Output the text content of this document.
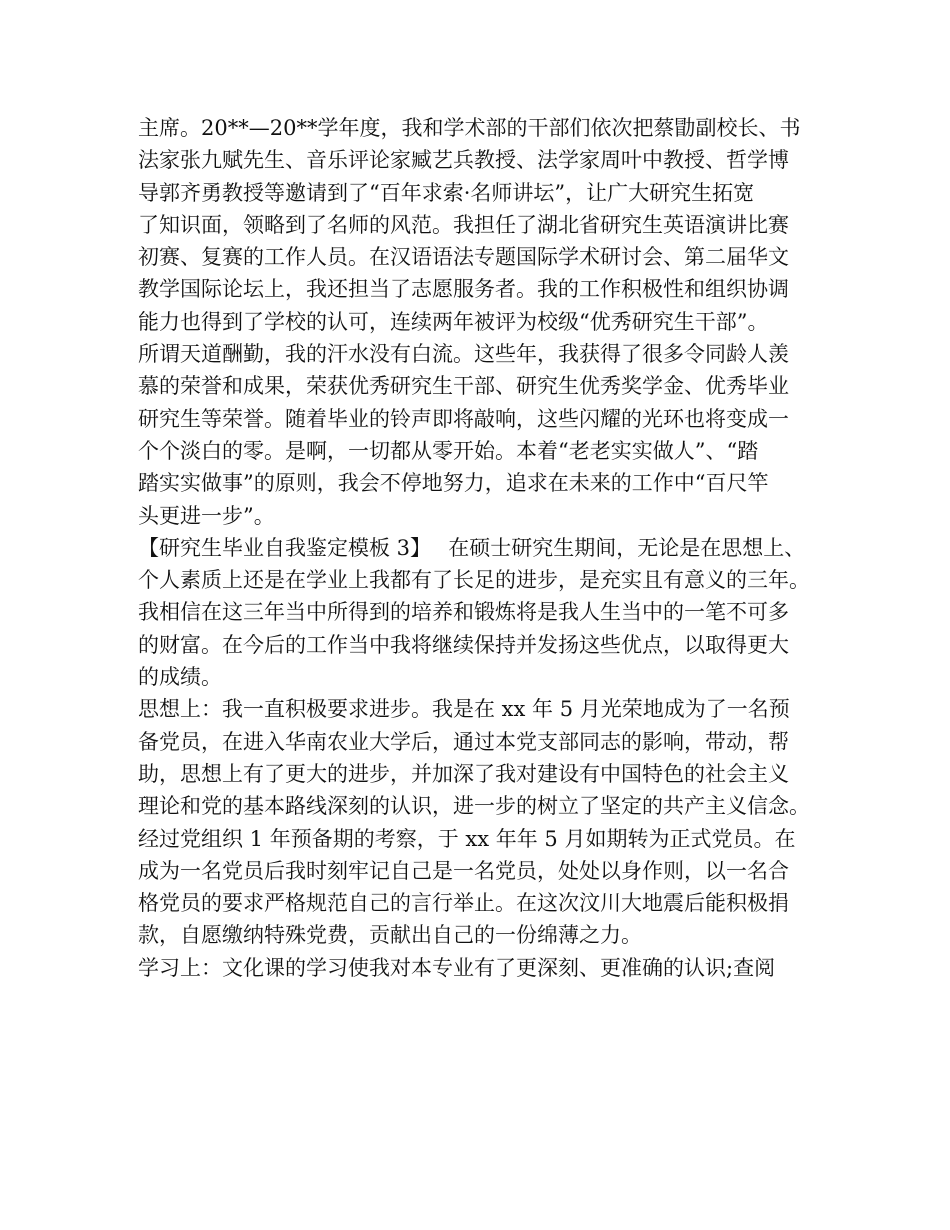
主席。20**—20**学年度，我和学术部的干部们依次把蔡勖副校长、书
法家张九赋先生、音乐评论家臧艺兵教授、法学家周叶中教授、哲学博
导郭齐勇教授等邀请到了“百年求索·名师讲坛”，让广大研究生拓宽
了知识面，领略到了名师的风范。我担任了湖北省研究生英语演讲比赛
初赛、复赛的工作人员。在汉语语法专题国际学术研讨会、第二届华文
教学国际论坛上，我还担当了志愿服务者。我的工作积极性和组织协调
能力也得到了学校的认可，连续两年被评为校级“优秀研究生干部”。
所谓天道酬勤，我的汗水没有白流。这些年，我获得了很多令同龄人羡
慕的荣誉和成果，荣获优秀研究生干部、研究生优秀奖学金、优秀毕业
研究生等荣誉。随着毕业的铃声即将敲响，这些闪耀的光环也将变成一
个个淡白的零。是啊，一切都从零开始。本着“老老实实做人”、“踏
踏实实做事”的原则，我会不停地努力，追求在未来的工作中“百尺竿
头更进一步”。
【研究生毕业自我鉴定模板 3】　 在硕士研究生期间，无论是在思想上、
个人素质上还是在学业上我都有了长足的进步，是充实且有意义的三年。
我相信在这三年当中所得到的培养和锻炼将是我人生当中的一笔不可多
的财富。在今后的工作当中我将继续保持并发扬这些优点，以取得更大
的成绩。
思想上：我一直积极要求进步。我是在 xx 年 5 月光荣地成为了一名预
备党员，在进入华南农业大学后，通过本党支部同志的影响，带动，帮
助，思想上有了更大的进步，并加深了我对建设有中国特色的社会主义
理论和党的基本路线深刻的认识，进一步的树立了坚定的共产主义信念。
经过党组织 1 年预备期的考察，于 xx 年年 5 月如期转为正式党员。在
成为一名党员后我时刻牢记自己是一名党员，处处以身作则，以一名合
格党员的要求严格规范自己的言行举止。在这次汶川大地震后能积极捐
款，自愿缴纳特殊党费，贡献出自己的一份绵薄之力。
学习上：文化课的学习使我对本专业有了更深刻、更准确的认识;查阅
